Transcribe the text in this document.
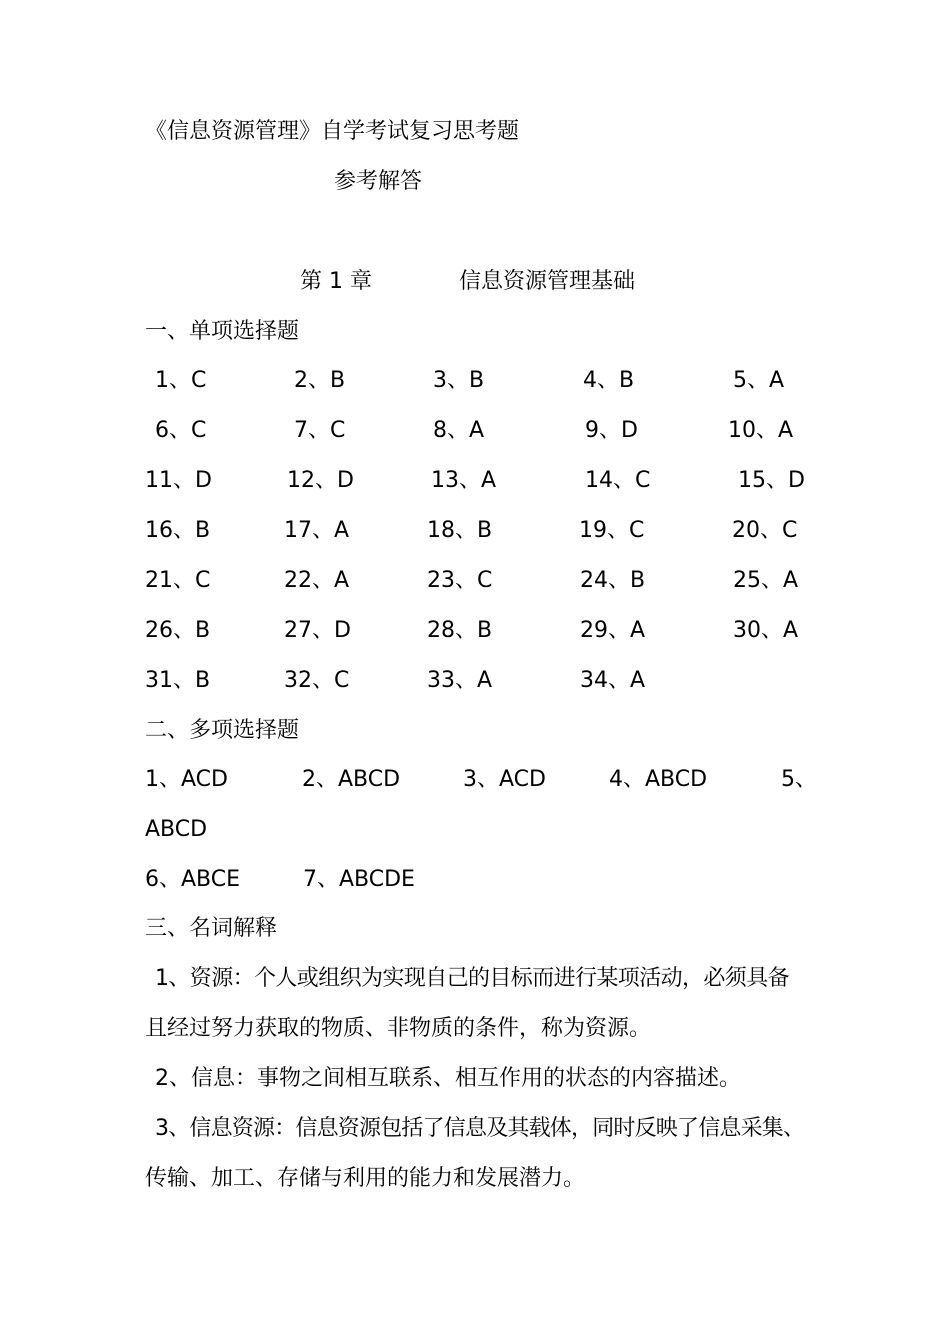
《信息资源管理》自学考试复习思考题
参考解答
第 1 章	信息资源管理基础
一、单项选择题
1、C	2、B	3、B	4、B	5、A
6、C	7、C	8、A	9、D	10、A
11、D	12、D	13、A	14、C	15、D
16、B	17、A	18、B	19、C	20、C
21、C	22、A	23、C	24、B	25、A
26、B	27、D	28、B	29、A	30、A
31、B	32、C	33、A	34、A
二、多项选择题
1、ACD	2、ABCD	3、ACD	4、ABCD	5、
ABCD
6、ABCE	7、ABCDE
三、名词解释
1、资源：个人或组织为实现自己的目标而进行某项活动，必须具备
且经过努力获取的物质、非物质的条件，称为资源。
2、信息：事物之间相互联系、相互作用的状态的内容描述。
3、信息资源：信息资源包括了信息及其载体，同时反映了信息采集、
传输、加工、存储与利用的能力和发展潜力。
